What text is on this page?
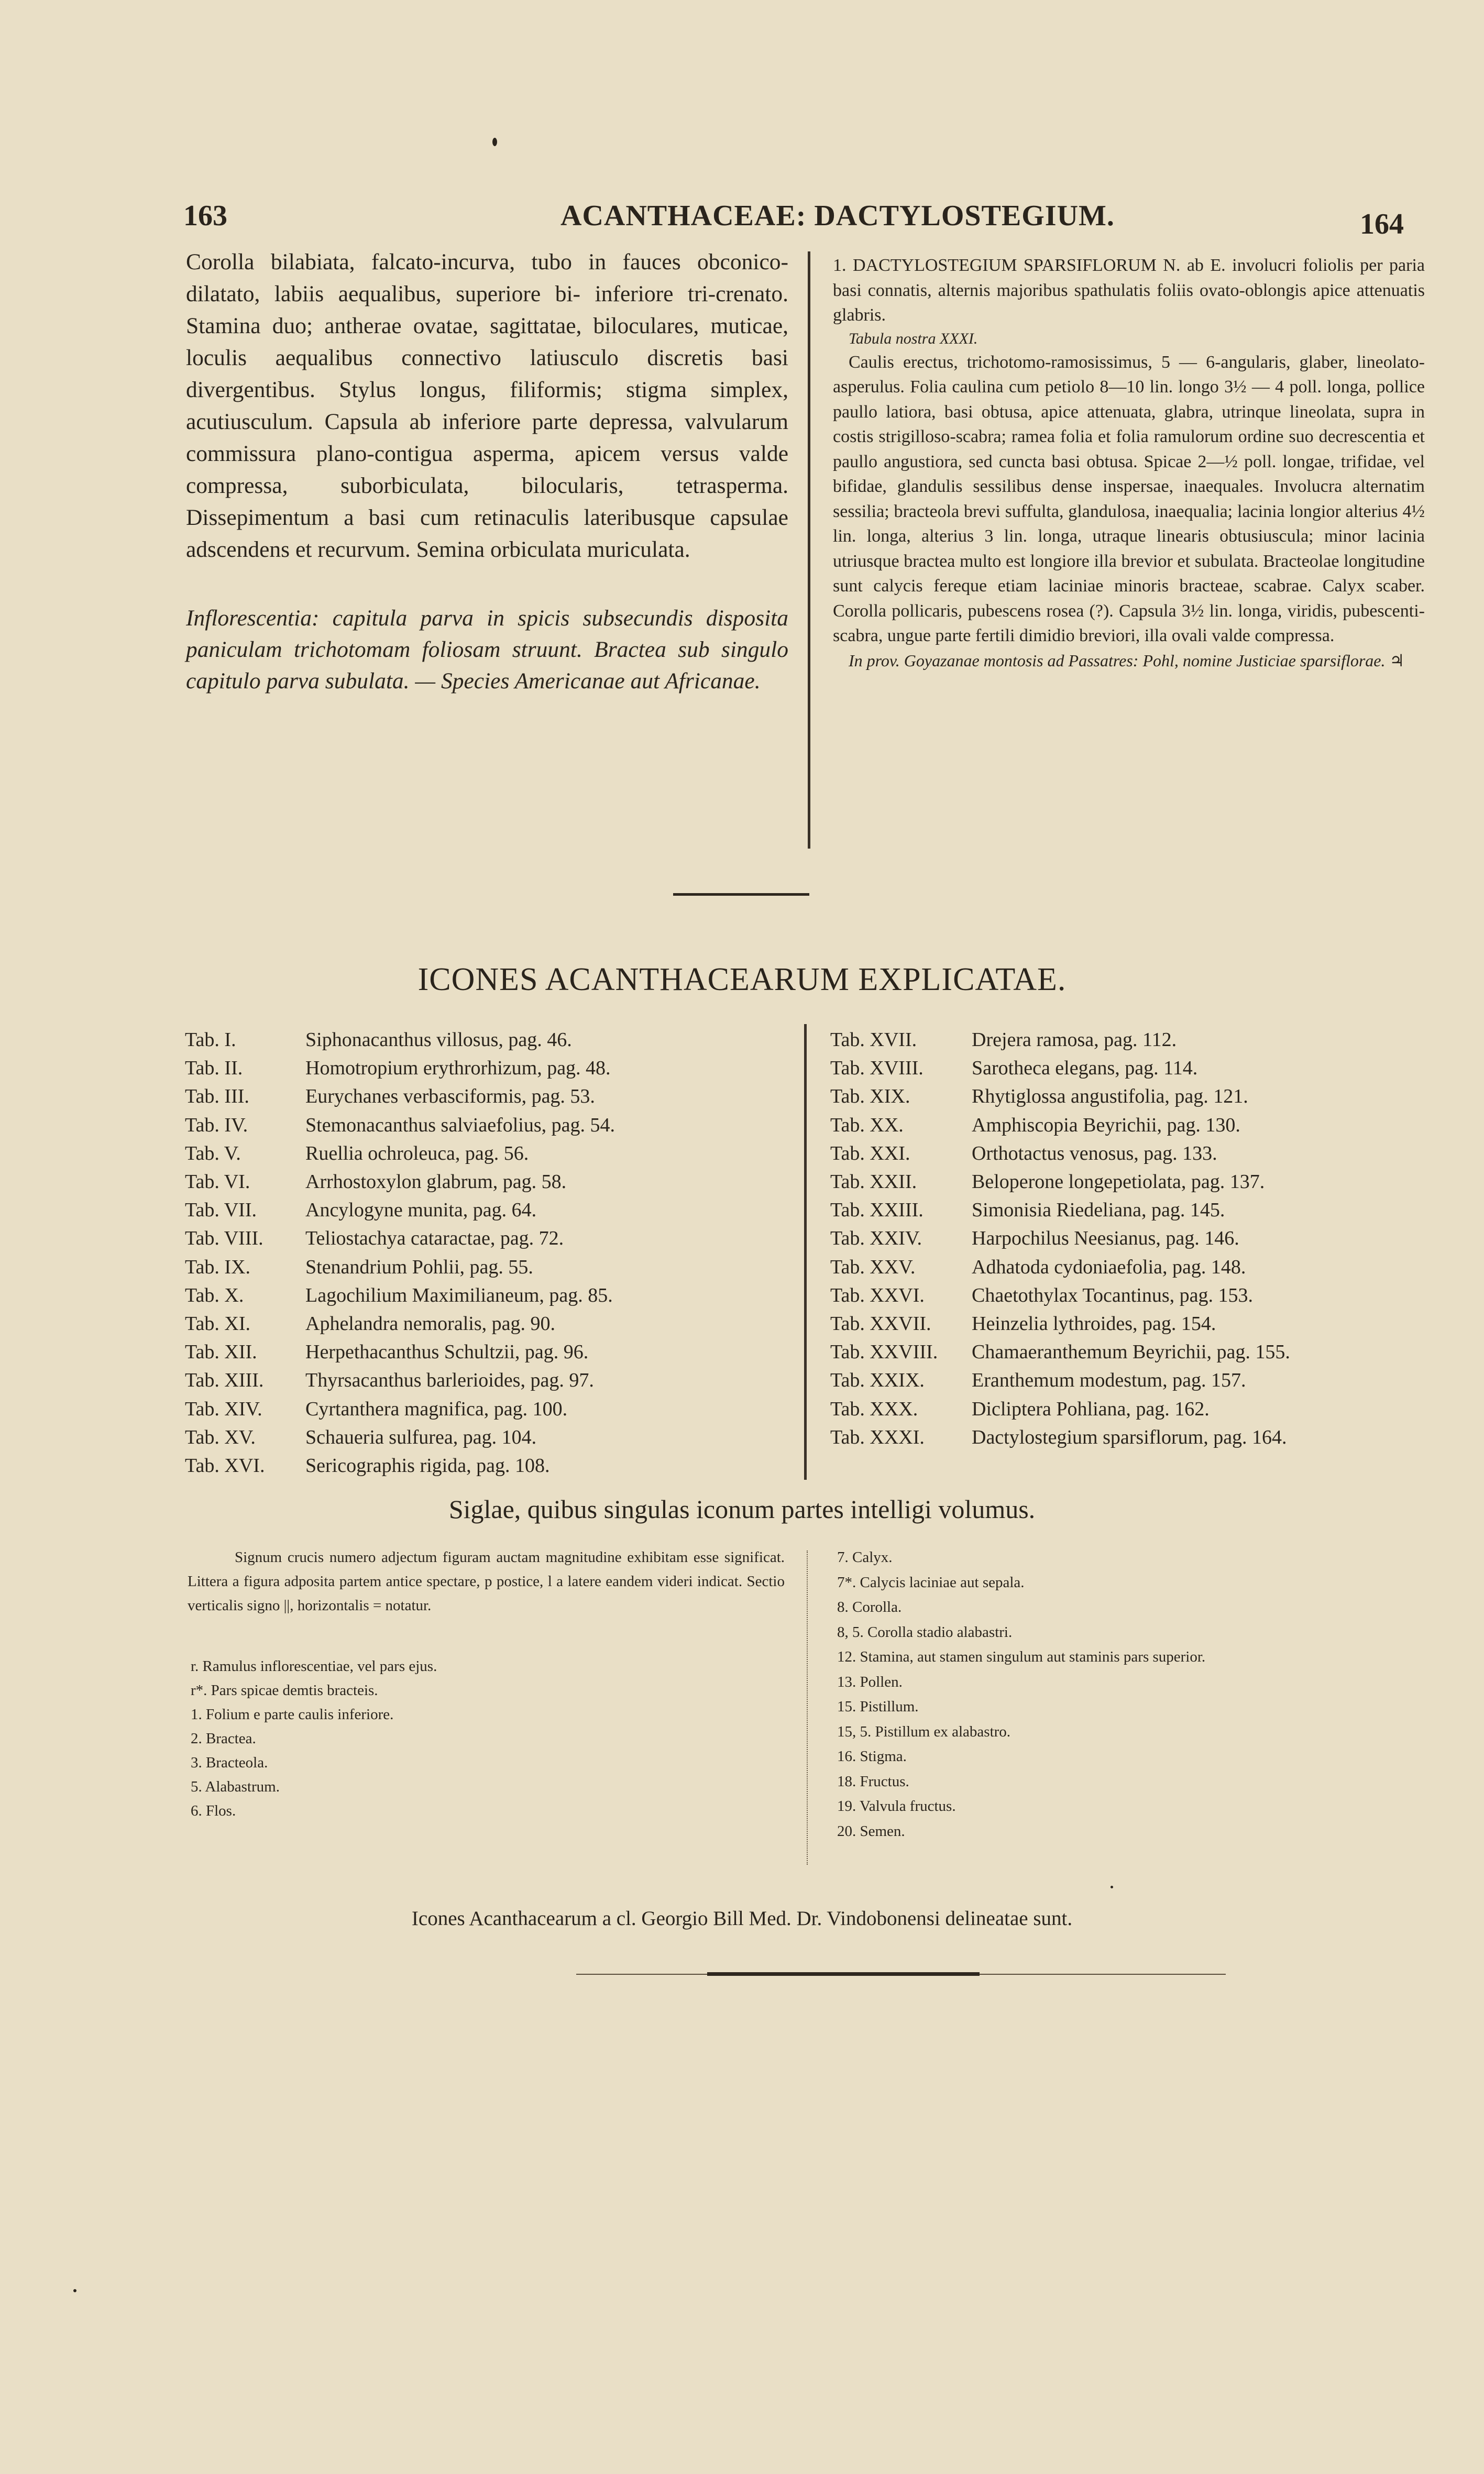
163	ACANTHACEAE: DACTYLOSTEGIUM.	164

Corolla bilabiata, falcato-incurva, tubo in fauces obconico-dilatato, labiis aequalibus, superiore bi- inferiore tri-crenato. Stamina duo; antherae ovatae, sagittatae, biloculares, muticae, loculis aequalibus connectivo latiusculo discretis basi divergentibus. Stylus longus, filiformis; stigma simplex, acutiusculum. Capsula ab inferiore parte depressa, valvularum commissura plano-contigua asperma, apicem versus valde compressa, suborbiculata, bilocularis, tetrasperma. Dissepimentum a basi cum retinaculis lateribusque capsulae adscendens et recurvum. Semina orbiculata muriculata.

Inflorescentia: capitula parva in spicis subsecundis disposita paniculam trichotomam foliosam struunt. Bractea sub singulo capitulo parva subulata. — Species Americanae aut Africanae.

1. DACTYLOSTEGIUM SPARSIFLORUM N. ab E. involucri foliolis per paria basi connatis, alternis majoribus spathulatis foliis ovato-oblongis apice attenuatis glabris.

Tabula nostra XXXI.

Caulis erectus, trichotomo-ramosissimus, 5 — 6-angularis, glaber, lineolato-asperulus. Folia caulina cum petiolo 8—10 lin. longo 3½ — 4 poll. longa, pollice paullo latiora, basi obtusa, apice attenuata, glabra, utrinque lineolata, supra in costis strigilloso-scabra; ramea folia et folia ramulorum ordine suo decrescentia et paullo angustiora, sed cuncta basi obtusa. Spicae 2—½ poll. longae, trifidae, vel bifidae, glandulis sessilibus dense inspersae, inaequales. Involucra alternatim sessilia; bracteola brevi suffulta, glandulosa, inaequalia; lacinia longior alterius 4½ lin. longa, alterius 3 lin. longa, utraque linearis obtusiuscula; minor lacinia utriusque bractea multo est longiore illa brevior et subulata. Bracteolae longitudine sunt calycis fereque etiam laciniae minoris bracteae, scabrae. Calyx scaber. Corolla pollicaris, pubescens rosea (?). Capsula 3½ lin. longa, viridis, pubescenti-scabra, ungue parte fertili dimidio breviori, illa ovali valde compressa.

In prov. Goyazanae montosis ad Passatres: Pohl, nomine Justiciae sparsiflorae. ♃

ICONES ACANTHACEARUM EXPLICATAE.
Tab. I.	Siphonacanthus villosus, pag. 46.
Tab. II.	Homotropium erythrorhizum, pag. 48.
Tab. III.	Eurychanes verbasciformis, pag. 53.
Tab. IV.	Stemonacanthus salviaefolius, pag. 54.
Tab. V.	Ruellia ochroleuca, pag. 56.
Tab. VI.	Arrhostoxylon glabrum, pag. 58.
Tab. VII.	Ancylogyne munita, pag. 64.
Tab. VIII.	Teliostachya cataractae, pag. 72.
Tab. IX.	Stenandrium Pohlii, pag. 55.
Tab. X.	Lagochilium Maximilianeum, pag. 85.
Tab. XI.	Aphelandra nemoralis, pag. 90.
Tab. XII.	Herpethacanthus Schultzii, pag. 96.
Tab. XIII.	Thyrsacanthus barlerioides, pag. 97.
Tab. XIV.	Cyrtanthera magnifica, pag. 100.
Tab. XV.	Schaueria sulfurea, pag. 104.
Tab. XVI.	Sericographis rigida, pag. 108.
Tab. XVII.	Drejera ramosa, pag. 112.
Tab. XVIII.	Sarotheca elegans, pag. 114.
Tab. XIX.	Rhytiglossa angustifolia, pag. 121.
Tab. XX.	Amphiscopia Beyrichii, pag. 130.
Tab. XXI.	Orthotactus venosus, pag. 133.
Tab. XXII.	Beloperone longepetiolata, pag. 137.
Tab. XXIII.	Simonisia Riedeliana, pag. 145.
Tab. XXIV.	Harpochilus Neesianus, pag. 146.
Tab. XXV.	Adhatoda cydoniaefolia, pag. 148.
Tab. XXVI.	Chaetothylax Tocantinus, pag. 153.
Tab. XXVII.	Heinzelia lythroides, pag. 154.
Tab. XXVIII.	Chamaeranthemum Beyrichii, pag. 155.
Tab. XXIX.	Eranthemum modestum, pag. 157.
Tab. XXX.	Dicliptera Pohliana, pag. 162.
Tab. XXXI.	Dactylostegium sparsiflorum, pag. 164.
Siglae, quibus singulas iconum partes intelligi volumus.

Signum crucis numero adjectum figuram auctam magnitudine exhibitam esse significat. Littera a figura adposita partem antice spectare, p postice, l a latere eandem videri indicat. Sectio verticalis signo ||, horizontalis = notatur.

r. Ramulus inflorescentiae, vel pars ejus.

r*. Pars spicae demtis bracteis.

1. Folium e parte caulis inferiore.

2. Bractea.

3. Bracteola.

5. Alabastrum.

6. Flos.

7. Calyx.
7*. Calycis laciniae aut sepala.
8. Corolla.
8, 5. Corolla stadio alabastri.
12. Stamina, aut stamen singulum aut staminis pars superior.
13. Pollen.
15. Pistillum.
15, 5. Pistillum ex alabastro.
16. Stigma.
18. Fructus.
19. Valvula fructus.
20. Semen.
Icones Acanthacearum a cl. Georgio Bill Med. Dr. Vindobonensi delineatae sunt.
